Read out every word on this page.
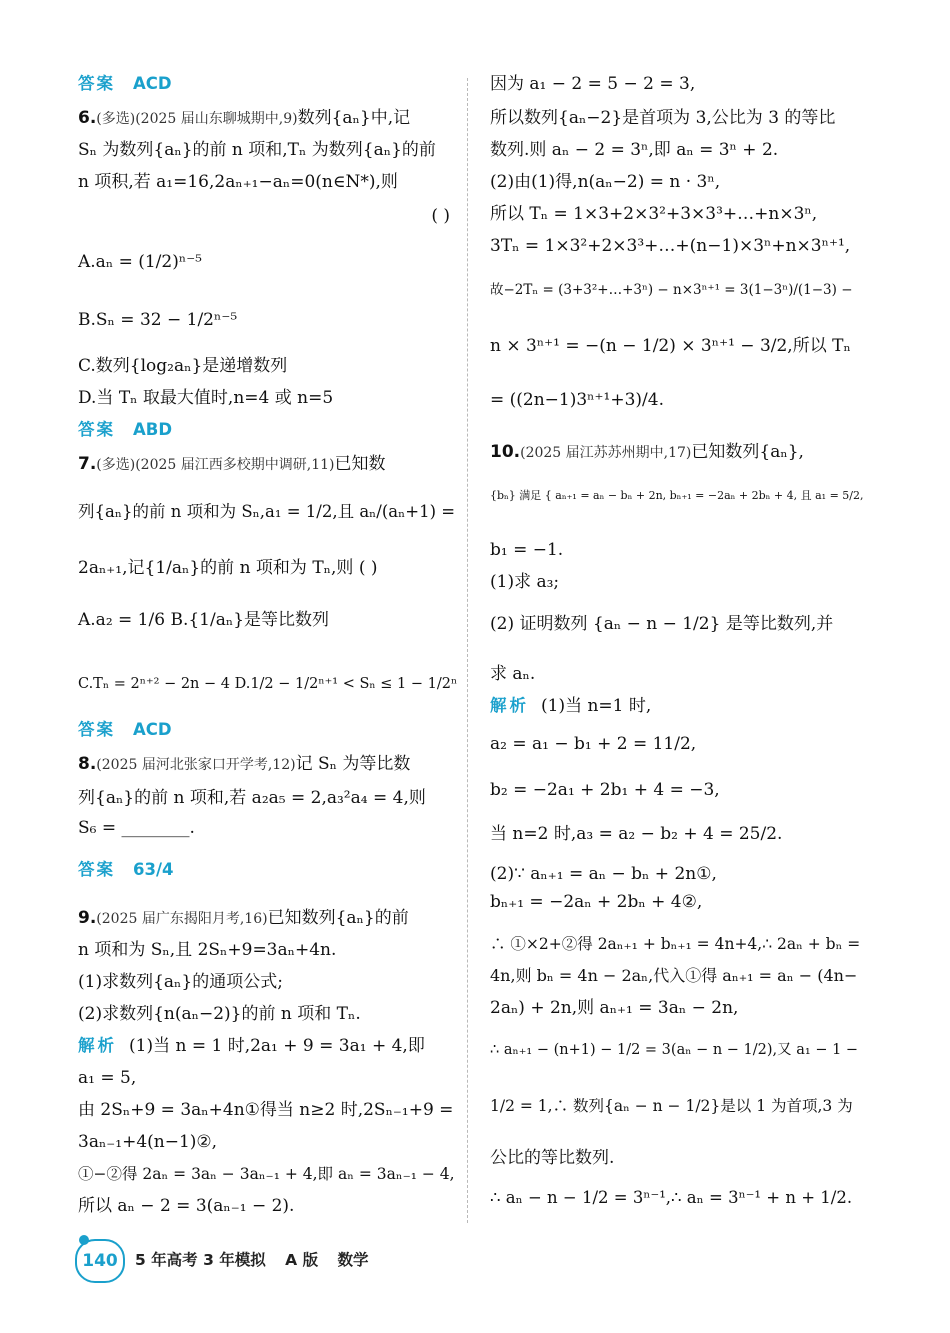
答案 ACD
6.(多选)(2025 届山东聊城期中,9)数列{aₙ}中,记
Sₙ 为数列{aₙ}的前 n 项和,Tₙ 为数列{aₙ}的前
n 项积,若 a₁=16,2aₙ₊₁−aₙ=0(n∈N*),则
( )
A.aₙ = (1/2)ⁿ⁻⁵
B.Sₙ = 32 − 1/2ⁿ⁻⁵
C.数列{log₂aₙ}是递增数列
D.当 Tₙ 取最大值时,n=4 或 n=5
答案 ABD
7.(多选)(2025 届江西多校期中调研,11)已知数
列{aₙ}的前 n 项和为 Sₙ,a₁ = 1/2,且 aₙ/(aₙ+1) =
2aₙ₊₁,记{1/aₙ}的前 n 项和为 Tₙ,则 ( )
A.a₂ = 1/6 B.{1/aₙ}是等比数列
C.Tₙ = 2ⁿ⁺² − 2n − 4 D.1/2 − 1/2ⁿ⁺¹ < Sₙ ≤ 1 − 1/2ⁿ
答案 ACD
8.(2025 届河北张家口开学考,12)记 Sₙ 为等比数
列{aₙ}的前 n 项和,若 a₂a₅ = 2,a₃²a₄ = 4,则
S₆ = ________.
答案 63/4
9.(2025 届广东揭阳月考,16)已知数列{aₙ}的前
n 项和为 Sₙ,且 2Sₙ+9=3aₙ+4n.
(1)求数列{aₙ}的通项公式;
(2)求数列{n(aₙ−2)}的前 n 项和 Tₙ.
解析 (1)当 n = 1 时,2a₁ + 9 = 3a₁ + 4,即
a₁ = 5,
由 2Sₙ+9 = 3aₙ+4n①得当 n≥2 时,2Sₙ₋₁+9 =
3aₙ₋₁+4(n−1)②,
①−②得 2aₙ = 3aₙ − 3aₙ₋₁ + 4,即 aₙ = 3aₙ₋₁ − 4,
所以 aₙ − 2 = 3(aₙ₋₁ − 2).
因为 a₁ − 2 = 5 − 2 = 3,
所以数列{aₙ−2}是首项为 3,公比为 3 的等比
数列.则 aₙ − 2 = 3ⁿ,即 aₙ = 3ⁿ + 2.
(2)由(1)得,n(aₙ−2) = n · 3ⁿ,
所以 Tₙ = 1×3+2×3²+3×3³+…+n×3ⁿ,
3Tₙ = 1×3²+2×3³+…+(n−1)×3ⁿ+n×3ⁿ⁺¹,
故−2Tₙ = (3+3²+…+3ⁿ) − n×3ⁿ⁺¹ = 3(1−3ⁿ)/(1−3) −
n × 3ⁿ⁺¹ = −(n − 1/2) × 3ⁿ⁺¹ − 3/2,所以 Tₙ
= ((2n−1)3ⁿ⁺¹+3)/4.
10.(2025 届江苏苏州期中,17)已知数列{aₙ},
{bₙ} 满足 { aₙ₊₁ = aₙ − bₙ + 2n, bₙ₊₁ = −2aₙ + 2bₙ + 4, 且 a₁ = 5/2,
b₁ = −1.
(1)求 a₃;
(2) 证明数列 {aₙ − n − 1/2} 是等比数列,并
求 aₙ.
解析 (1)当 n=1 时,
a₂ = a₁ − b₁ + 2 = 11/2,
b₂ = −2a₁ + 2b₁ + 4 = −3,
当 n=2 时,a₃ = a₂ − b₂ + 4 = 25/2.
(2)∵ aₙ₊₁ = aₙ − bₙ + 2n①,
bₙ₊₁ = −2aₙ + 2bₙ + 4②,
∴ ①×2+②得 2aₙ₊₁ + bₙ₊₁ = 4n+4,∴ 2aₙ + bₙ =
4n,则 bₙ = 4n − 2aₙ,代入①得 aₙ₊₁ = aₙ − (4n−
2aₙ) + 2n,则 aₙ₊₁ = 3aₙ − 2n,
∴ aₙ₊₁ − (n+1) − 1/2 = 3(aₙ − n − 1/2),又 a₁ − 1 −
1/2 = 1,∴ 数列{aₙ − n − 1/2}是以 1 为首项,3 为
公比的等比数列.
∴ aₙ − n − 1/2 = 3ⁿ⁻¹,∴ aₙ = 3ⁿ⁻¹ + n + 1/2.
140	5 年高考 3 年模拟 A 版 数学
